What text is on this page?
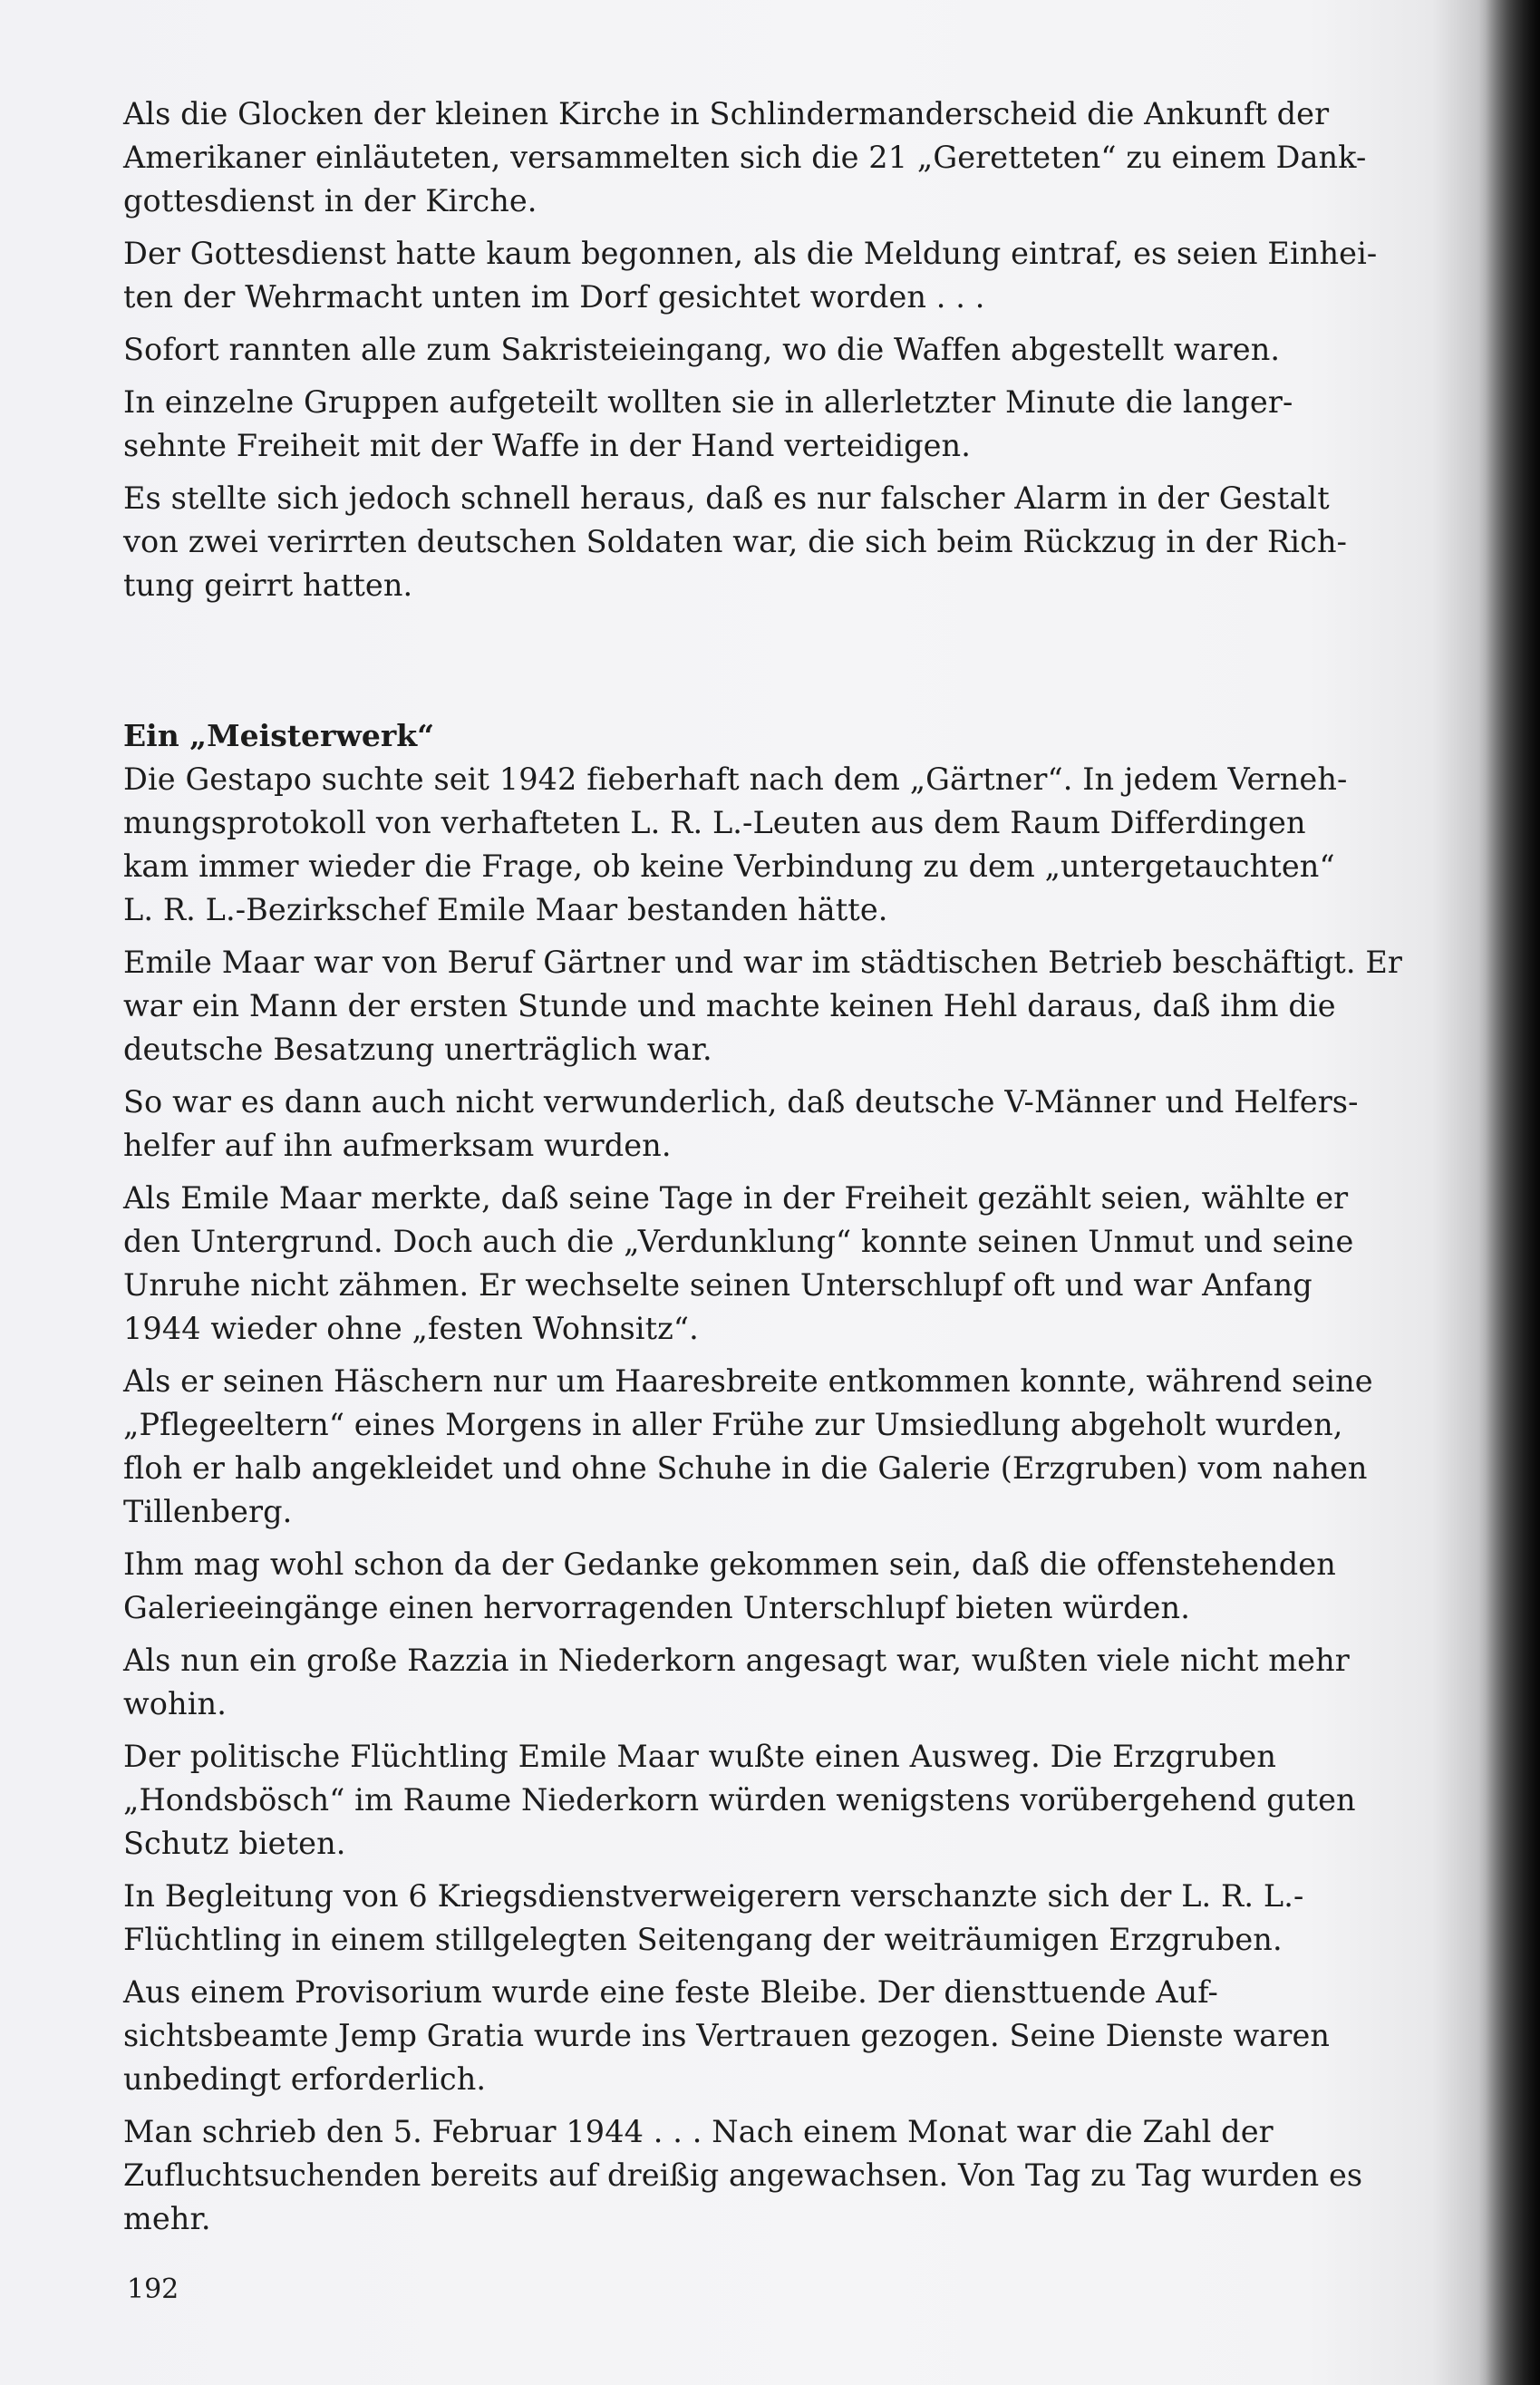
Als die Glocken der kleinen Kirche in Schlindermanderscheid die Ankunft der
Amerikaner einläuteten, versammelten sich die 21 „Geretteten“ zu einem Dank-
gottesdienst in der Kirche.

Der Gottesdienst hatte kaum begonnen, als die Meldung eintraf, es seien Einhei-
ten der Wehrmacht unten im Dorf gesichtet worden . . .

Sofort rannten alle zum Sakristeieingang, wo die Waffen abgestellt waren.

In einzelne Gruppen aufgeteilt wollten sie in allerletzter Minute die langer-
sehnte Freiheit mit der Waffe in der Hand verteidigen.

Es stellte sich jedoch schnell heraus, daß es nur falscher Alarm in der Gestalt
von zwei verirrten deutschen Soldaten war, die sich beim Rückzug in der Rich-
tung geirrt hatten.

Ein „Meisterwerk“

Die Gestapo suchte seit 1942 fieberhaft nach dem „Gärtner“. In jedem Verneh-
mungsprotokoll von verhafteten L. R. L.-Leuten aus dem Raum Differdingen
kam immer wieder die Frage, ob keine Verbindung zu dem „untergetauchten“
L. R. L.-Bezirkschef Emile Maar bestanden hätte.

Emile Maar war von Beruf Gärtner und war im städtischen Betrieb beschäftigt. Er
war ein Mann der ersten Stunde und machte keinen Hehl daraus, daß ihm die
deutsche Besatzung unerträglich war.

So war es dann auch nicht verwunderlich, daß deutsche V-Männer und Helfers-
helfer auf ihn aufmerksam wurden.

Als Emile Maar merkte, daß seine Tage in der Freiheit gezählt seien, wählte er
den Untergrund. Doch auch die „Verdunklung“ konnte seinen Unmut und seine
Unruhe nicht zähmen. Er wechselte seinen Unterschlupf oft und war Anfang
1944 wieder ohne „festen Wohnsitz“.

Als er seinen Häschern nur um Haaresbreite entkommen konnte, während seine
„Pflegeeltern“ eines Morgens in aller Frühe zur Umsiedlung abgeholt wurden,
floh er halb angekleidet und ohne Schuhe in die Galerie (Erzgruben) vom nahen
Tillenberg.

Ihm mag wohl schon da der Gedanke gekommen sein, daß die offenstehenden
Galerieeingänge einen hervorragenden Unterschlupf bieten würden.

Als nun ein große Razzia in Niederkorn angesagt war, wußten viele nicht mehr
wohin.

Der politische Flüchtling Emile Maar wußte einen Ausweg. Die Erzgruben
„Hondsbösch“ im Raume Niederkorn würden wenigstens vorübergehend guten
Schutz bieten.

In Begleitung von 6 Kriegsdienstverweigerern verschanzte sich der L. R. L.-
Flüchtling in einem stillgelegten Seitengang der weiträumigen Erzgruben.

Aus einem Provisorium wurde eine feste Bleibe. Der diensttuende Auf-
sichtsbeamte Jemp Gratia wurde ins Vertrauen gezogen. Seine Dienste waren
unbedingt erforderlich.

Man schrieb den 5. Februar 1944 . . . Nach einem Monat war die Zahl der
Zufluchtsuchenden bereits auf dreißig angewachsen. Von Tag zu Tag wurden es
mehr.

192
